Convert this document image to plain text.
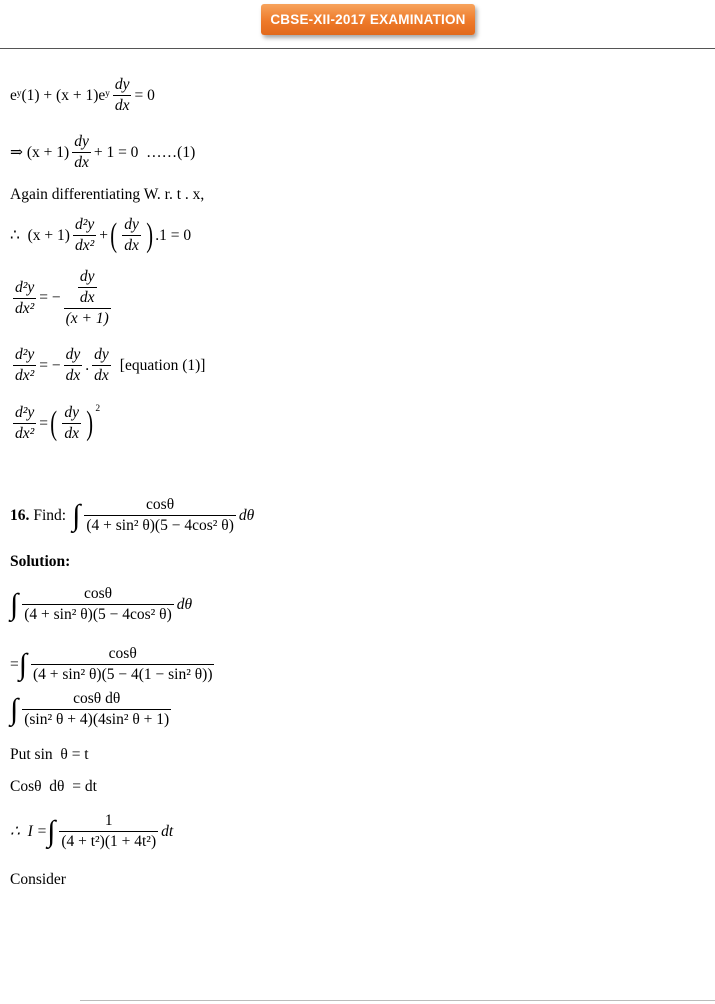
CBSE-XII-2017 EXAMINATION
eʸ(1) + (x + 1)eʸ $\frac{dy}{dx} = 0$
⇒ $(x + 1) \frac{dy}{dx} + 1 = 0$  ……(1)
Again differentiating W. r. t . x,
∴  $(x + 1) \frac{\text{d²y}}{\text{dx²}}$ + ( $\frac{dy}{dx}$ ) .1 = 0
$\frac{\text{d²y}}{\text{dx²}}$ = − $\frac{\frac{dy}{dx}}{(x + 1)}$
$\frac{\text{d²y}}{\text{dx²}}$ = − $\frac{dy}{dx}$ . $\frac{dy}{dx}$ [equation (1)]
$\frac{\text{d²y}}{\text{dx²}}$ = ( $\frac{dy}{dx}$ ) 2
16. Find: ∫ $\frac{\cos\theta}{\text{(4 + sin² θ)(5 − 4cos² θ)}}$ dθ
Solution:
∫ $\frac{\cos\theta}{\text{(4 + sin² θ)(5 − 4cos² θ)}}$ dθ
= ∫ $\frac{\cos\theta}{\text{(4 + sin² θ)(5 − 4(1 − sin² θ))}}$
∫ $\frac{\text{cosθ dθ}}{\text{(sin² θ + 4)(4sin² θ + 1)}}$
Put sin  θ = t
Cosθ  dθ  = dt
∴  I = ∫ $\frac{1}{\text{(4 + t²)(1 + 4t²)}}$ dt
Consider
